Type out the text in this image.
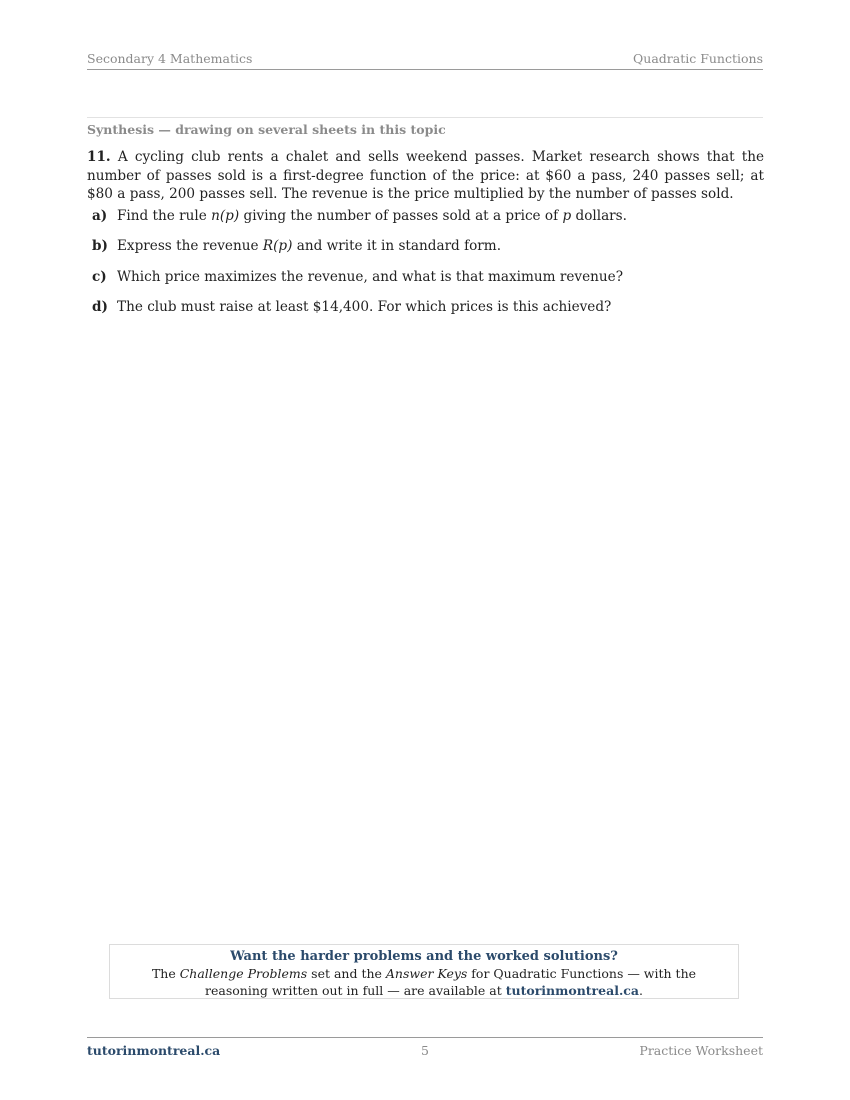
Secondary 4 Mathematics	Quadratic Functions
Synthesis — drawing on several sheets in this topic
11. A cycling club rents a chalet and sells weekend passes. Market research shows that the number of passes sold is a first-degree function of the price: at $60 a pass, 240 passes sell; at $80 a pass, 200 passes sell. The revenue is the price multiplied by the number of passes sold.
a) Find the rule n(p) giving the number of passes sold at a price of p dollars.
b) Express the revenue R(p) and write it in standard form.
c) Which price maximizes the revenue, and what is that maximum revenue?
d) The club must raise at least $14,400. For which prices is this achieved?
Want the harder problems and the worked solutions?
The Challenge Problems set and the Answer Keys for Quadratic Functions — with the reasoning written out in full — are available at tutorinmontreal.ca.
tutorinmontreal.ca	5	Practice Worksheet
